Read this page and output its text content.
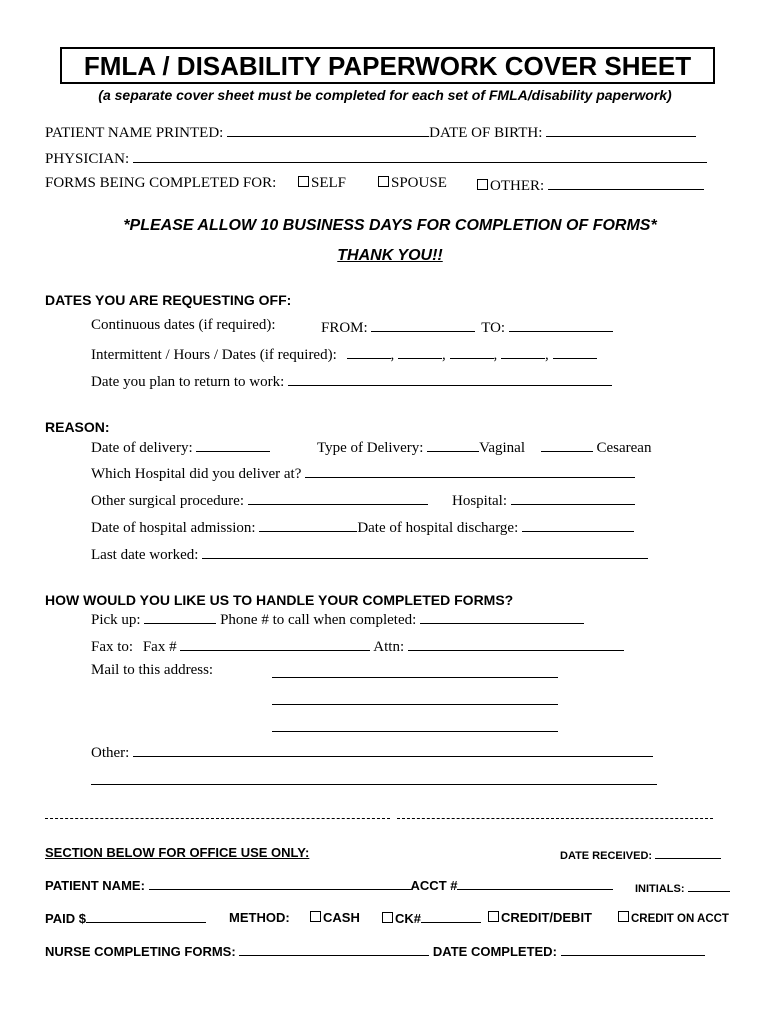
FMLA / DISABILITY PAPERWORK COVER SHEET
(a separate cover sheet must be completed for each set of FMLA/disability paperwork)
PATIENT NAME PRINTED:	DATE OF BIRTH:
PHYSICIAN:
FORMS BEING COMPLETED FOR:	SELF	SPOUSE	OTHER:
*PLEASE ALLOW 10 BUSINESS DAYS FOR COMPLETION OF FORMS*
THANK YOU!!
DATES YOU ARE REQUESTING OFF:
Continuous dates (if required):	FROM:	TO:
Intermittent / Hours / Dates (if required):	,	,	,	,
Date you plan to return to work:
REASON:
Date of delivery:	Type of Delivery:	Vaginal	Cesarean
Which Hospital did you deliver at?
Other surgical procedure:	Hospital:
Date of hospital admission:	Date of hospital discharge:
Last date worked:
HOW WOULD YOU LIKE US TO HANDLE YOUR COMPLETED FORMS?
Pick up:	Phone # to call when completed:
Fax to: Fax #	Attn:
Mail to this address:
Other:
SECTION BELOW FOR OFFICE USE ONLY:	DATE RECEIVED:
PATIENT NAME:	ACCT #	INITIALS:
PAID $	METHOD:	CASH	CK#	CREDIT/DEBIT	CREDIT ON ACCT
NURSE COMPLETING FORMS:	DATE COMPLETED:
